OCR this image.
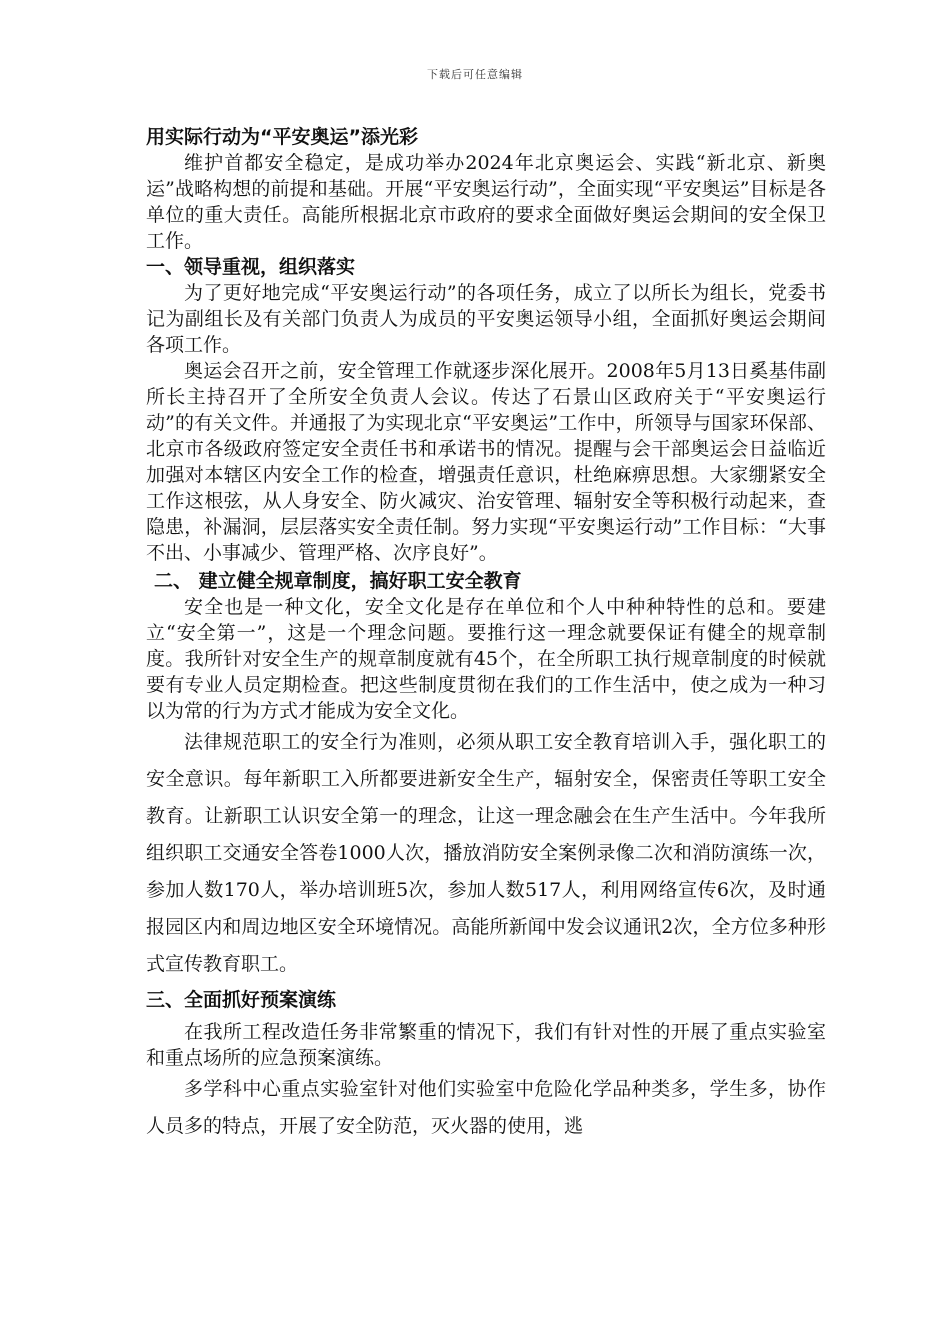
下载后可任意编辑

用实际行动为“平安奥运”添光彩

维护首都安全稳定，是成功举办2024年北京奥运会、实践“新北京、新奥运”战略构想的前提和基础。开展“平安奥运行动”，全面实现“平安奥运”目标是各单位的重大责任。高能所根据北京市政府的要求全面做好奥运会期间的安全保卫工作。

一、领导重视，组织落实

为了更好地完成“平安奥运行动”的各项任务，成立了以所长为组长，党委书记为副组长及有关部门负责人为成员的平安奥运领导小组，全面抓好奥运会期间各项工作。

奥运会召开之前，安全管理工作就逐步深化展开。2008年5月13日奚基伟副所长主持召开了全所安全负责人会议。传达了石景山区政府关于“平安奥运行动”的有关文件。并通报了为实现北京“平安奥运”工作中，所领导与国家环保部、北京市各级政府签定安全责任书和承诺书的情况。提醒与会干部奥运会日益临近加强对本辖区内安全工作的检查，增强责任意识，杜绝麻痹思想。大家绷紧安全工作这根弦，从人身安全、防火减灾、治安管理、辐射安全等积极行动起来，查隐患，补漏洞，层层落实安全责任制。努力实现“平安奥运行动”工作目标：“大事不出、小事减少、管理严格、次序良好”。

二、 建立健全规章制度，搞好职工安全教育

安全也是一种文化，安全文化是存在单位和个人中种种特性的总和。要建立“安全第一”，这是一个理念问题。要推行这一理念就要保证有健全的规章制度。我所针对安全生产的规章制度就有45个，在全所职工执行规章制度的时候就要有专业人员定期检查。把这些制度贯彻在我们的工作生活中，使之成为一种习以为常的行为方式才能成为安全文化。

法律规范职工的安全行为准则，必须从职工安全教育培训入手，强化职工的安全意识。每年新职工入所都要进新安全生产，辐射安全，保密责任等职工安全教育。让新职工认识安全第一的理念，让这一理念融会在生产生活中。今年我所组织职工交通安全答卷1000人次，播放消防安全案例录像二次和消防演练一次，参加人数170人，举办培训班5次，参加人数517人，利用网络宣传6次，及时通报园区内和周边地区安全环境情况。高能所新闻中发会议通讯2次，全方位多种形式宣传教育职工。

三、全面抓好预案演练

在我所工程改造任务非常繁重的情况下，我们有针对性的开展了重点实验室和重点场所的应急预案演练。

多学科中心重点实验室针对他们实验室中危险化学品种类多，学生多，协作人员多的特点，开展了安全防范，灭火器的使用，逃
